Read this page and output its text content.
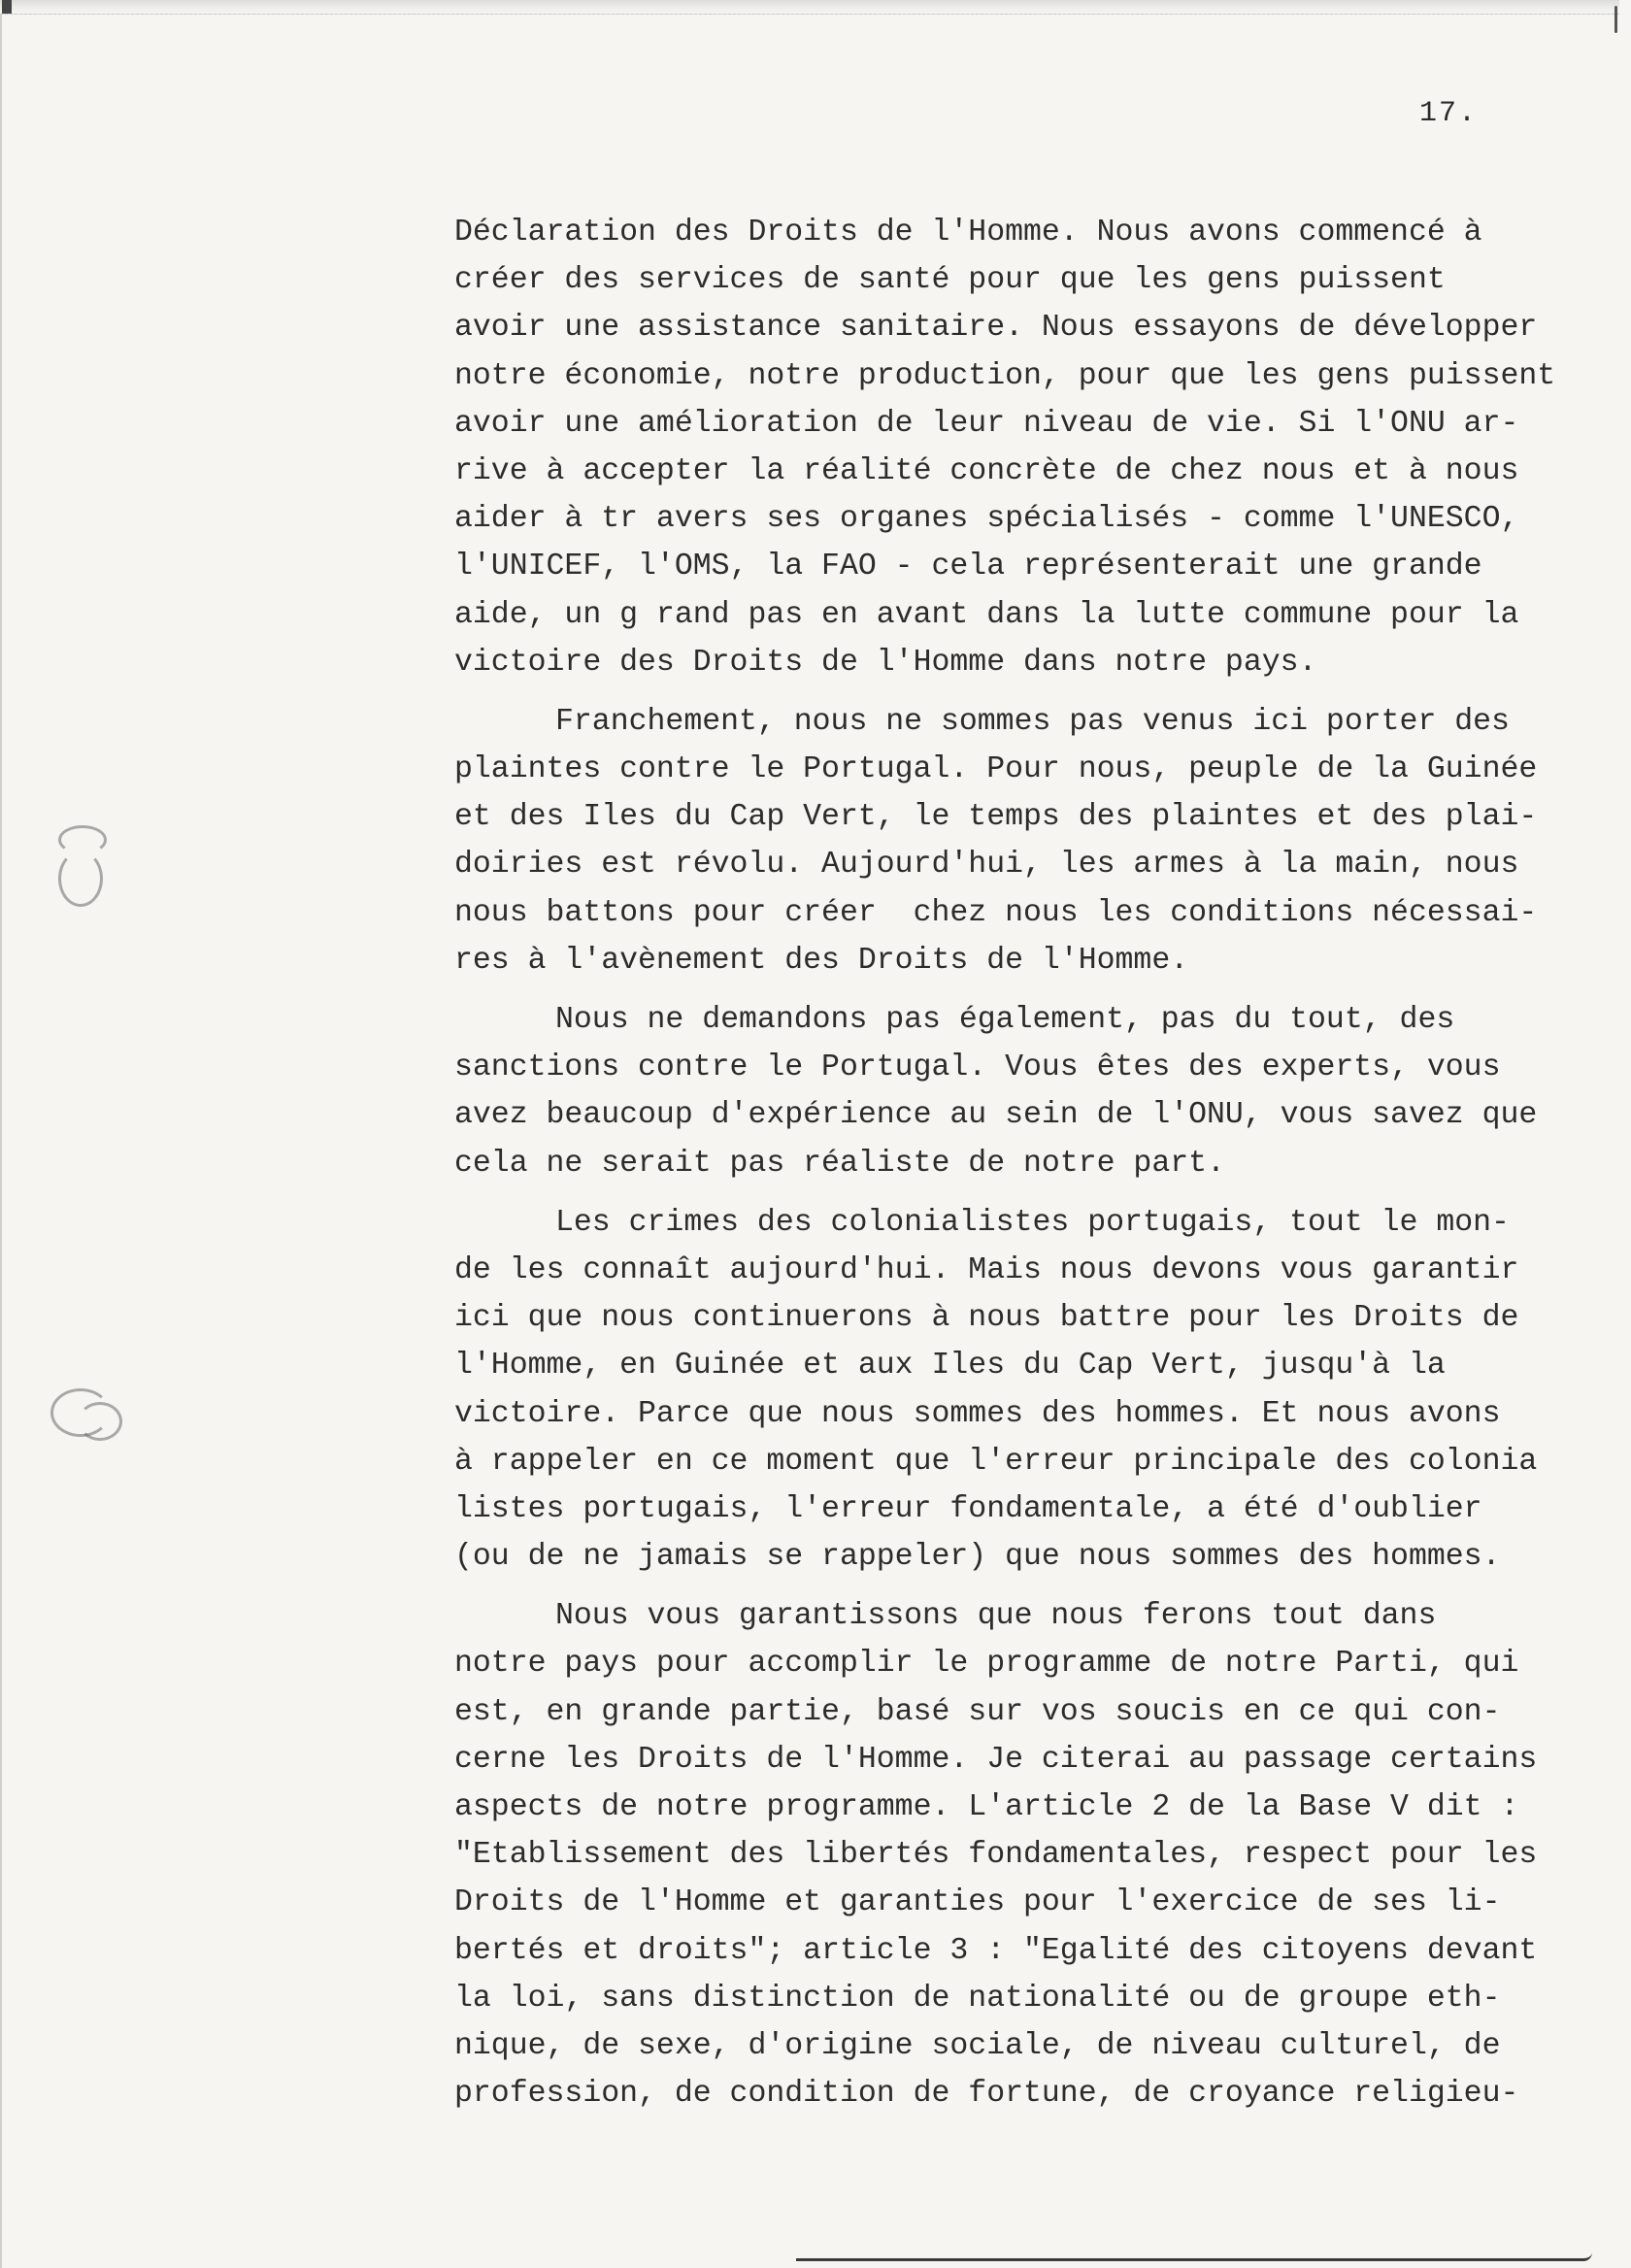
17.
Déclaration des Droits de l'Homme. Nous avons commencé à
créer des services de santé pour que les gens puissent
avoir une assistance sanitaire. Nous essayons de développer
notre économie, notre production, pour que les gens puissent
avoir une amélioration de leur niveau de vie. Si l'ONU ar-
rive à accepter la réalité concrète de chez nous et à nous
aider à tr avers ses organes spécialisés - comme l'UNESCO,
l'UNICEF, l'OMS, la FAO - cela représenterait une grande
aide, un g rand pas en avant dans la lutte commune pour la
victoire des Droits de l'Homme dans notre pays.
Franchement, nous ne sommes pas venus ici porter des
plaintes contre le Portugal. Pour nous, peuple de la Guinée
et des Iles du Cap Vert, le temps des plaintes et des plai-
doiries est révolu. Aujourd'hui, les armes à la main, nous
nous battons pour créer  chez nous les conditions nécessai-
res à l'avènement des Droits de l'Homme.
Nous ne demandons pas également, pas du tout, des
sanctions contre le Portugal. Vous êtes des experts, vous
avez beaucoup d'expérience au sein de l'ONU, vous savez que
cela ne serait pas réaliste de notre part.
Les crimes des colonialistes portugais, tout le mon-
de les connaît aujourd'hui. Mais nous devons vous garantir
ici que nous continuerons à nous battre pour les Droits de
l'Homme, en Guinée et aux Iles du Cap Vert, jusqu'à la
victoire. Parce que nous sommes des hommes. Et nous avons
à rappeler en ce moment que l'erreur principale des colonia
listes portugais, l'erreur fondamentale, a été d'oublier
(ou de ne jamais se rappeler) que nous sommes des hommes.
Nous vous garantissons que nous ferons tout dans
notre pays pour accomplir le programme de notre Parti, qui
est, en grande partie, basé sur vos soucis en ce qui con-
cerne les Droits de l'Homme. Je citerai au passage certains
aspects de notre programme. L'article 2 de la Base V dit :
"Etablissement des libertés fondamentales, respect pour les
Droits de l'Homme et garanties pour l'exercice de ses li-
bertés et droits"; article 3 : "Egalité des citoyens devant
la loi, sans distinction de nationalité ou de groupe eth-
nique, de sexe, d'origine sociale, de niveau culturel, de
profession, de condition de fortune, de croyance religieu-
